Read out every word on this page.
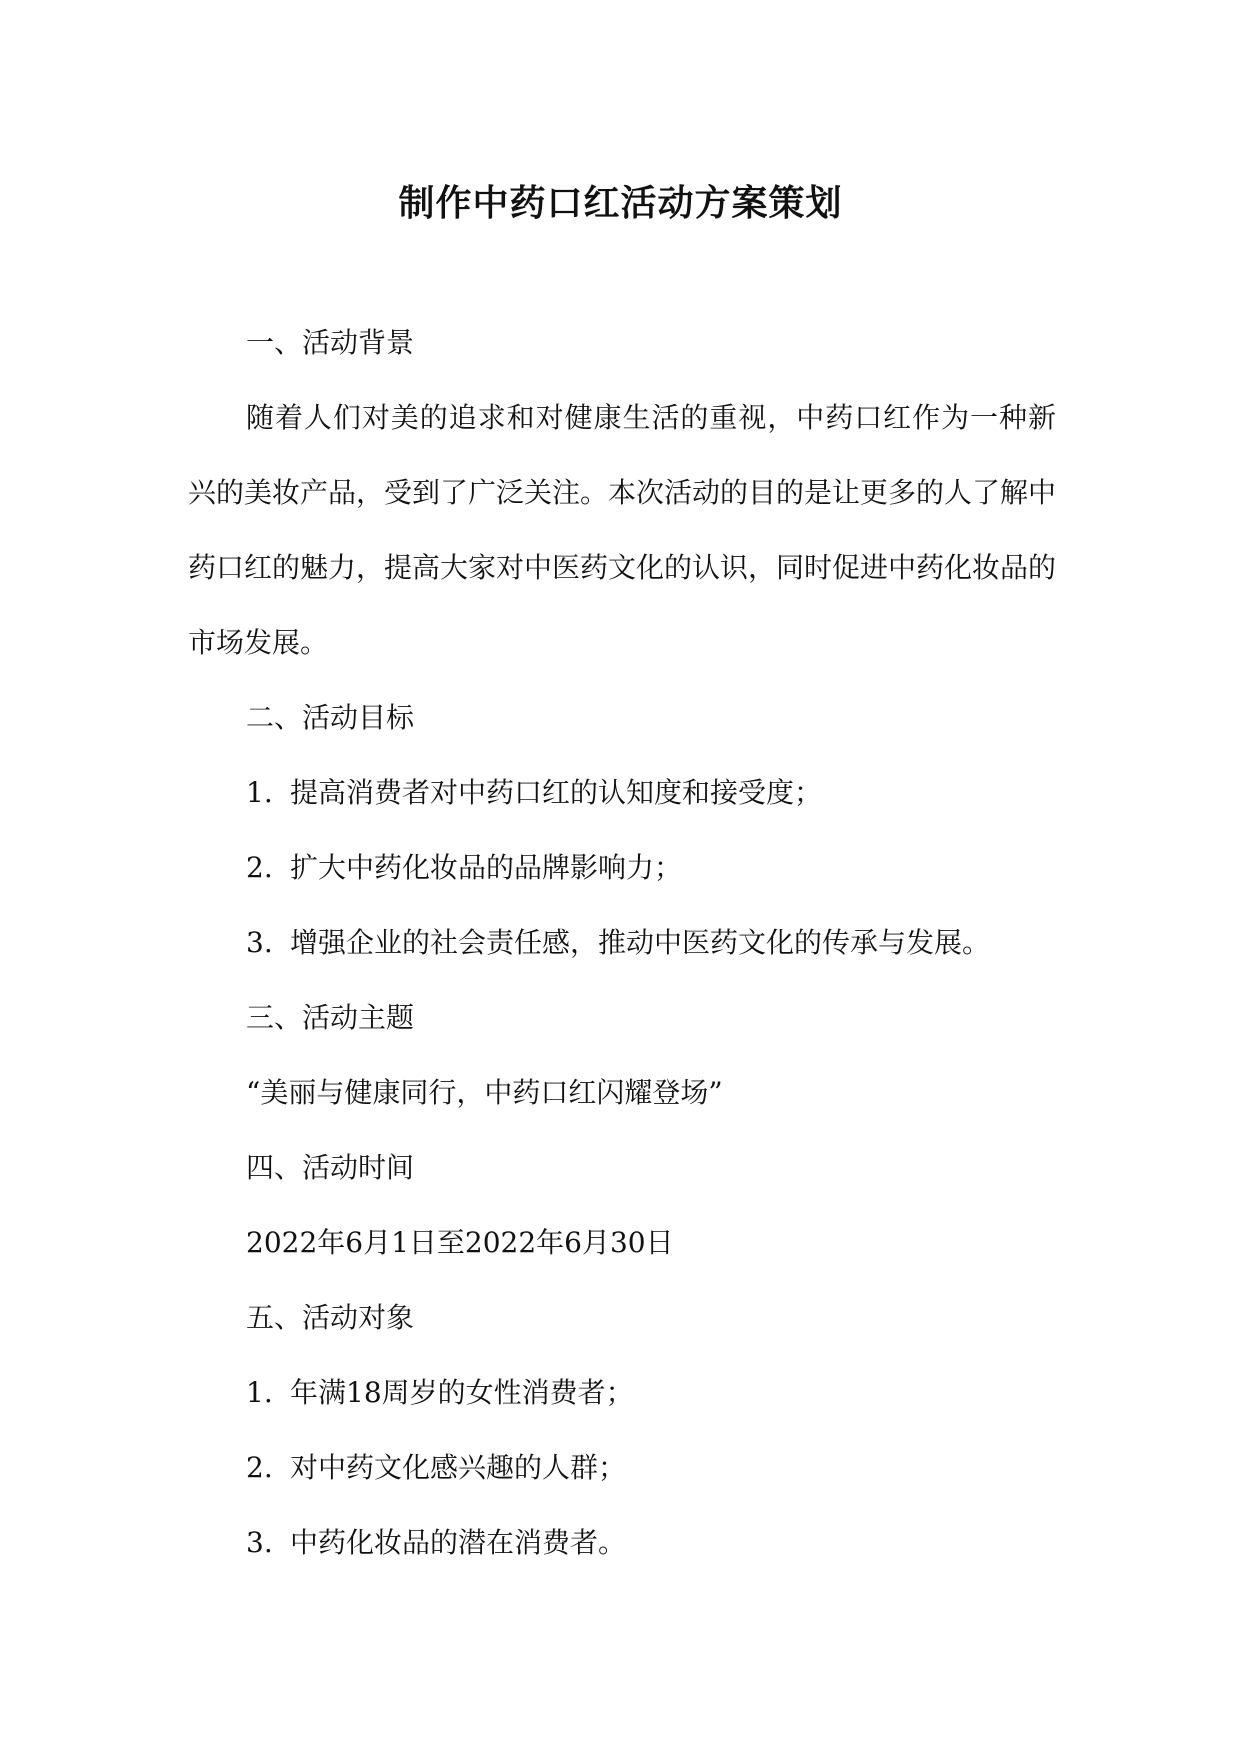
制作中药口红活动方案策划

一、活动背景

随着人们对美的追求和对健康生活的重视，中药口红作为一种新兴的美妆产品，受到了广泛关注。本次活动的目的是让更多的人了解中药口红的魅力，提高大家对中医药文化的认识，同时促进中药化妆品的市场发展。

二、活动目标

1. 提高消费者对中药口红的认知度和接受度；

2. 扩大中药化妆品的品牌影响力；

3. 增强企业的社会责任感，推动中医药文化的传承与发展。

三、活动主题

“美丽与健康同行，中药口红闪耀登场”

四、活动时间

2022年6月1日至2022年6月30日

五、活动对象

1. 年满18周岁的女性消费者；

2. 对中药文化感兴趣的人群；

3. 中药化妆品的潜在消费者。
